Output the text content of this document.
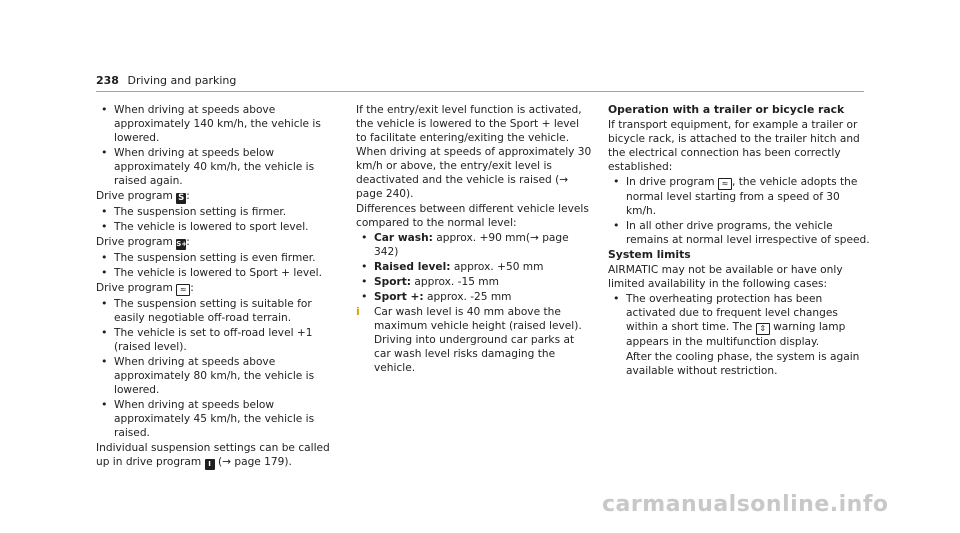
238 Driving and parking
• When driving at speeds above approximately 140 km/h, the vehicle is lowered.
• When driving at speeds below approximately 40 km/h, the vehicle is raised again.

Drive program S :

• The suspension setting is firmer.
• The vehicle is lowered to sport level.

Drive program S+:

• The suspension setting is even firmer.
• The vehicle is lowered to Sport + level.

Drive program ≈ :

• The suspension setting is suitable for easily negotiable off-road terrain.
• The vehicle is set to off-road level +1 (raised level).
• When driving at speeds above approximately 80 km/h, the vehicle is lowered.
• When driving at speeds below approximately 45 km/h, the vehicle is raised.

Individual suspension settings can be called up in drive program I (→ page 179).

If the entry/exit level function is activated, the vehicle is lowered to the Sport + level to facilitate entering/exiting the vehicle. When driving at speeds of approximately 30 km/h or above, the entry/exit level is deactivated and the vehicle is raised (→ page 240).

Differences between different vehicle levels compared to the normal level:

• Car wash: approx. +90 mm(→ page 342)
• Raised level: approx. +50 mm
• Sport: approx. -15 mm
• Sport +: approx. -25 mm
i Car wash level is 40 mm above the maximum vehicle height (raised level). Driving into underground car parks at car wash level risks damaging the vehicle.
Operation with a trailer or bicycle rack

If transport equipment, for example a trailer or bicycle rack, is attached to the trailer hitch and the electrical connection has been correctly established:

• In drive program ≈ , the vehicle adopts the normal level starting from a speed of 30 km/h.
• In all other drive programs, the vehicle remains at normal level irrespective of speed.
System limits

AIRMATIC may not be available or have only limited availability in the following cases:

• The overheating protection has been activated due to frequent level changes within a short time. The ⇕ warning lamp appears in the multifunction display.

After the cooling phase, the system is again available without restriction.

carmanualsonline.info
